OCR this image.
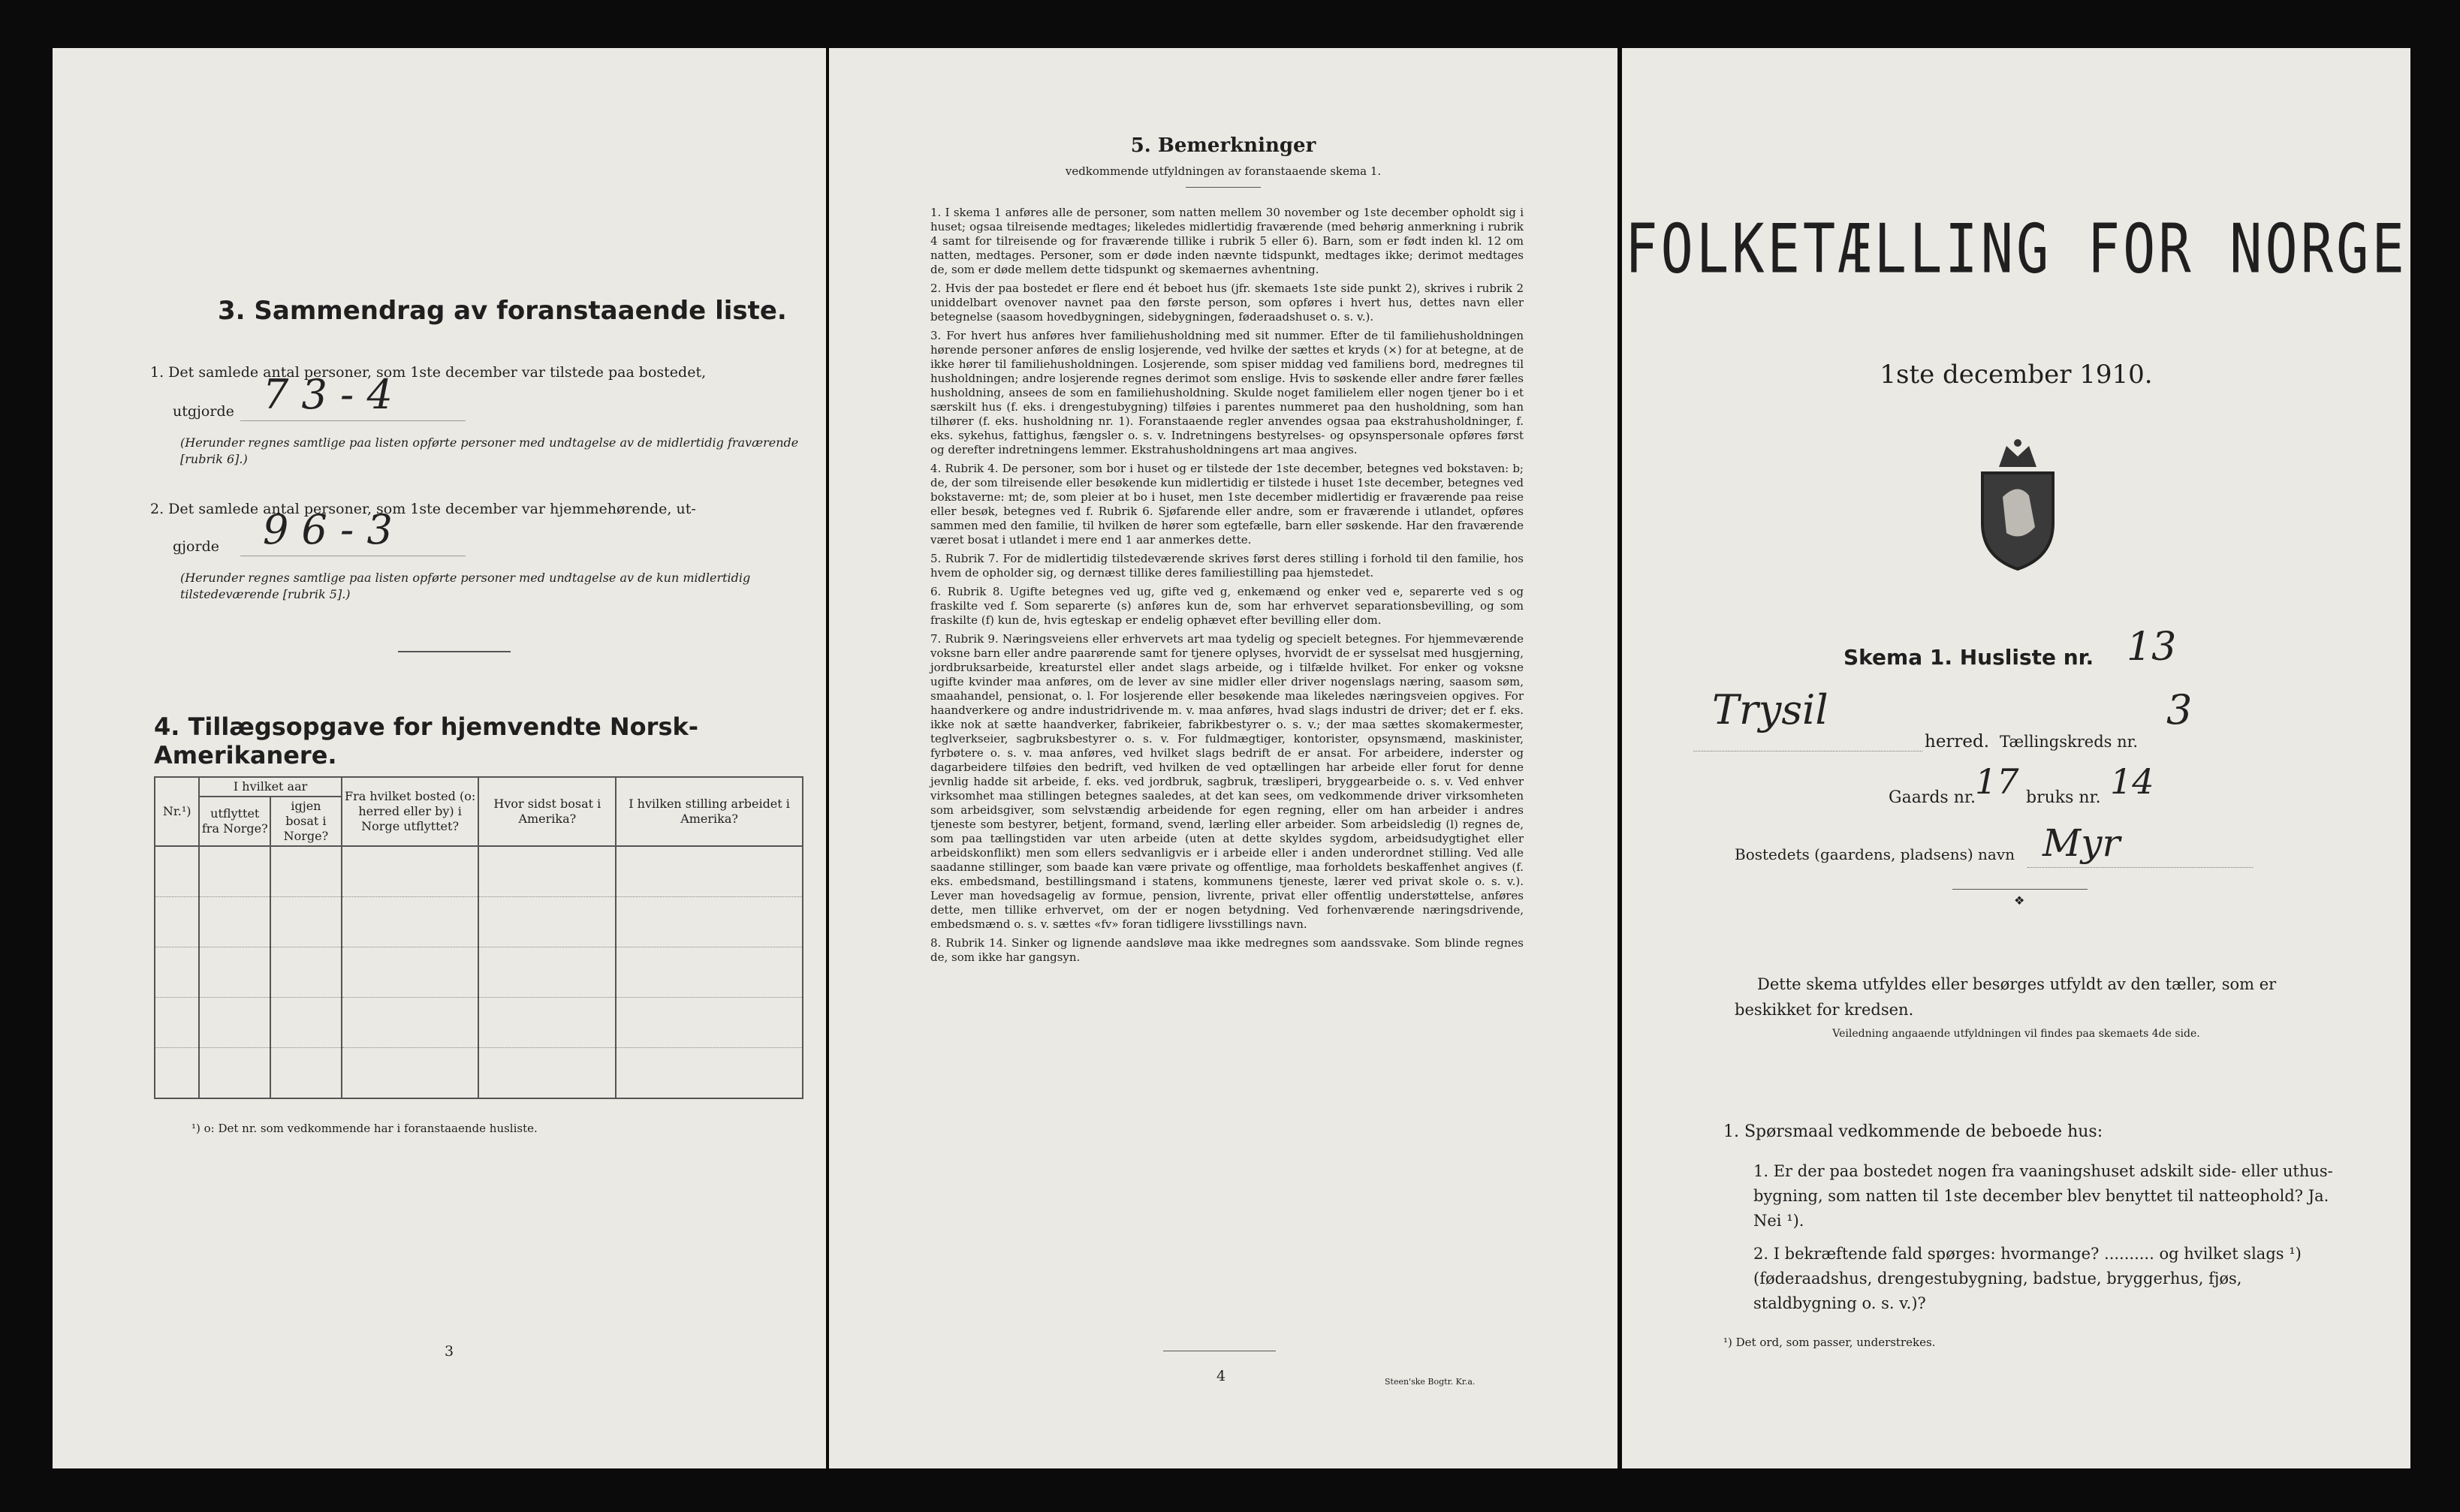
3. Sammendrag av foranstaaende liste.
1. Det samlede antal personer, som 1ste december var tilstede paa bostedet,
utgjorde 7 3 - 4
(Herunder regnes samtlige paa listen opførte personer med undtagelse av de midlertidig fraværende [rubrik 6].)
2. Det samlede antal personer, som 1ste december var hjemmehørende, ut-
gjorde 9 6 - 3
(Herunder regnes samtlige paa listen opførte personer med undtagelse av de kun midlertidig tilstedeværende [rubrik 5].)
4. Tillægsopgave for hjemvendte Norsk-Amerikanere.
Nr.¹)	I hvilket aar		Fra hvilket bosted (o: herred eller by) i Norge utflyttet?	Hvor sidst bosat i Amerika?	I hvilken stilling arbeidet i Amerika?
	utflyttet fra Norge?	igjen bosat i Norge?			

¹) o: Det nr. som vedkommende har i foranstaaende husliste.
3
5. Bemerkninger
vedkommende utfyldningen av foranstaaende skema 1.

1. I skema 1 anføres alle de personer, som natten mellem 30 november og 1ste december opholdt sig i huset; ogsaa tilreisende medtages; likeledes midlertidig fraværende (med behørig anmerkning i rubrik 4 samt for tilreisende og for fraværende tillike i rubrik 5 eller 6). Barn, som er født inden kl. 12 om natten, medtages. Personer, som er døde inden nævnte tidspunkt, medtages ikke; derimot medtages de, som er døde mellem dette tidspunkt og skemaernes avhentning.

2. Hvis der paa bostedet er flere end ét beboet hus (jfr. skemaets 1ste side punkt 2), skrives i rubrik 2 uniddelbart ovenover navnet paa den første person, som opføres i hvert hus, dettes navn eller betegnelse (saasom hovedbygningen, sidebygningen, føderaadshuset o. s. v.).

3. For hvert hus anføres hver familiehusholdning med sit nummer. Efter de til familiehusholdningen hørende personer anføres de enslig losjerende, ved hvilke der sættes et kryds (×) for at betegne, at de ikke hører til familiehusholdningen. Losjerende, som spiser middag ved familiens bord, medregnes til husholdningen; andre losjerende regnes derimot som enslige. Hvis to søskende eller andre fører fælles husholdning, ansees de som en familiehusholdning. Skulde noget familielem eller nogen tjener bo i et særskilt hus (f. eks. i drengestubygning) tilføies i parentes nummeret paa den husholdning, som han tilhører (f. eks. husholdning nr. 1). Foranstaaende regler anvendes ogsaa paa ekstrahusholdninger, f. eks. sykehus, fattighus, fængsler o. s. v. Indretningens bestyrelses- og opsynspersonale opføres først og derefter indretningens lemmer. Ekstrahusholdningens art maa angives.

4. Rubrik 4. De personer, som bor i huset og er tilstede der 1ste december, betegnes ved bokstaven: b; de, der som tilreisende eller besøkende kun midlertidig er tilstede i huset 1ste december, betegnes ved bokstaverne: mt; de, som pleier at bo i huset, men 1ste december midlertidig er fraværende paa reise eller besøk, betegnes ved f. Rubrik 6. Sjøfarende eller andre, som er fraværende i utlandet, opføres sammen med den familie, til hvilken de hører som egtefælle, barn eller søskende. Har den fraværende været bosat i utlandet i mere end 1 aar anmerkes dette.

5. Rubrik 7. For de midlertidig tilstedeværende skrives først deres stilling i forhold til den familie, hos hvem de opholder sig, og dernæst tillike deres familiestilling paa hjemstedet.

6. Rubrik 8. Ugifte betegnes ved ug, gifte ved g, enkemænd og enker ved e, separerte ved s og fraskilte ved f. Som separerte (s) anføres kun de, som har erhvervet separationsbevilling, og som fraskilte (f) kun de, hvis egteskap er endelig ophævet efter bevilling eller dom.

7. Rubrik 9. Næringsveiens eller erhvervets art maa tydelig og specielt betegnes. For hjemmeværende voksne barn eller andre paarørende samt for tjenere oplyses, hvorvidt de er sysselsat med husgjerning, jordbruksarbeide, kreaturstel eller andet slags arbeide, og i tilfælde hvilket. For enker og voksne ugifte kvinder maa anføres, om de lever av sine midler eller driver nogenslags næring, saasom søm, smaahandel, pensionat, o. l. For losjerende eller besøkende maa likeledes næringsveien opgives. For haandverkere og andre industridrivende m. v. maa anføres, hvad slags industri de driver; det er f. eks. ikke nok at sætte haandverker, fabrikeier, fabrikbestyrer o. s. v.; der maa sættes skomakermester, teglverkseier, sagbruksbestyrer o. s. v. For fuldmægtiger, kontorister, opsynsmænd, maskinister, fyrbøtere o. s. v. maa anføres, ved hvilket slags bedrift de er ansat. For arbeidere, inderster og dagarbeidere tilføies den bedrift, ved hvilken de ved optællingen har arbeide eller forut for denne jevnlig hadde sit arbeide, f. eks. ved jordbruk, sagbruk, træsliperi, bryggearbeide o. s. v. Ved enhver virksomhet maa stillingen betegnes saaledes, at det kan sees, om vedkommende driver virksomheten som arbeidsgiver, som selvstændig arbeidende for egen regning, eller om han arbeider i andres tjeneste som bestyrer, betjent, formand, svend, lærling eller arbeider. Som arbeidsledig (l) regnes de, som paa tællingstiden var uten arbeide (uten at dette skyldes sygdom, arbeidsudygtighet eller arbeidskonflikt) men som ellers sedvanligvis er i arbeide eller i anden underordnet stilling. Ved alle saadanne stillinger, som baade kan være private og offentlige, maa forholdets beskaffenhet angives (f. eks. embedsmand, bestillingsmand i statens, kommunens tjeneste, lærer ved privat skole o. s. v.). Lever man hovedsagelig av formue, pension, livrente, privat eller offentlig understøttelse, anføres dette, men tillike erhvervet, om der er nogen betydning. Ved forhenværende næringsdrivende, embedsmænd o. s. v. sættes «fv» foran tidligere livsstillings navn.

8. Rubrik 14. Sinker og lignende aandsløve maa ikke medregnes som aandssvake. Som blinde regnes de, som ikke har gangsyn.

4	Steen'ske Bogtr. Kr.a.
FOLKETÆLLING FOR NORGE
1ste december 1910.
Skema 1. Husliste nr. 13
Trysil
herred. Tællingskreds nr.
3
Gaards nr. 17 bruks nr. 14
Bostedets (gaardens, pladsens) navn Myr
❖
Dette skema utfyldes eller besørges utfyldt av den tæller, som er beskikket for kredsen.
Veiledning angaaende utfyldningen vil findes paa skemaets 4de side.
1. Spørsmaal vedkommende de beboede hus:
1. Er der paa bostedet nogen fra vaaningshuset adskilt side- eller uthus-bygning, som natten til 1ste december blev benyttet til natteophold? Ja. Nei ¹).
2. I bekræftende fald spørges: hvormange? .......... og hvilket slags ¹) (føderaadshus, drengestubygning, badstue, bryggerhus, fjøs, staldbygning o. s. v.)?
¹) Det ord, som passer, understrekes.
